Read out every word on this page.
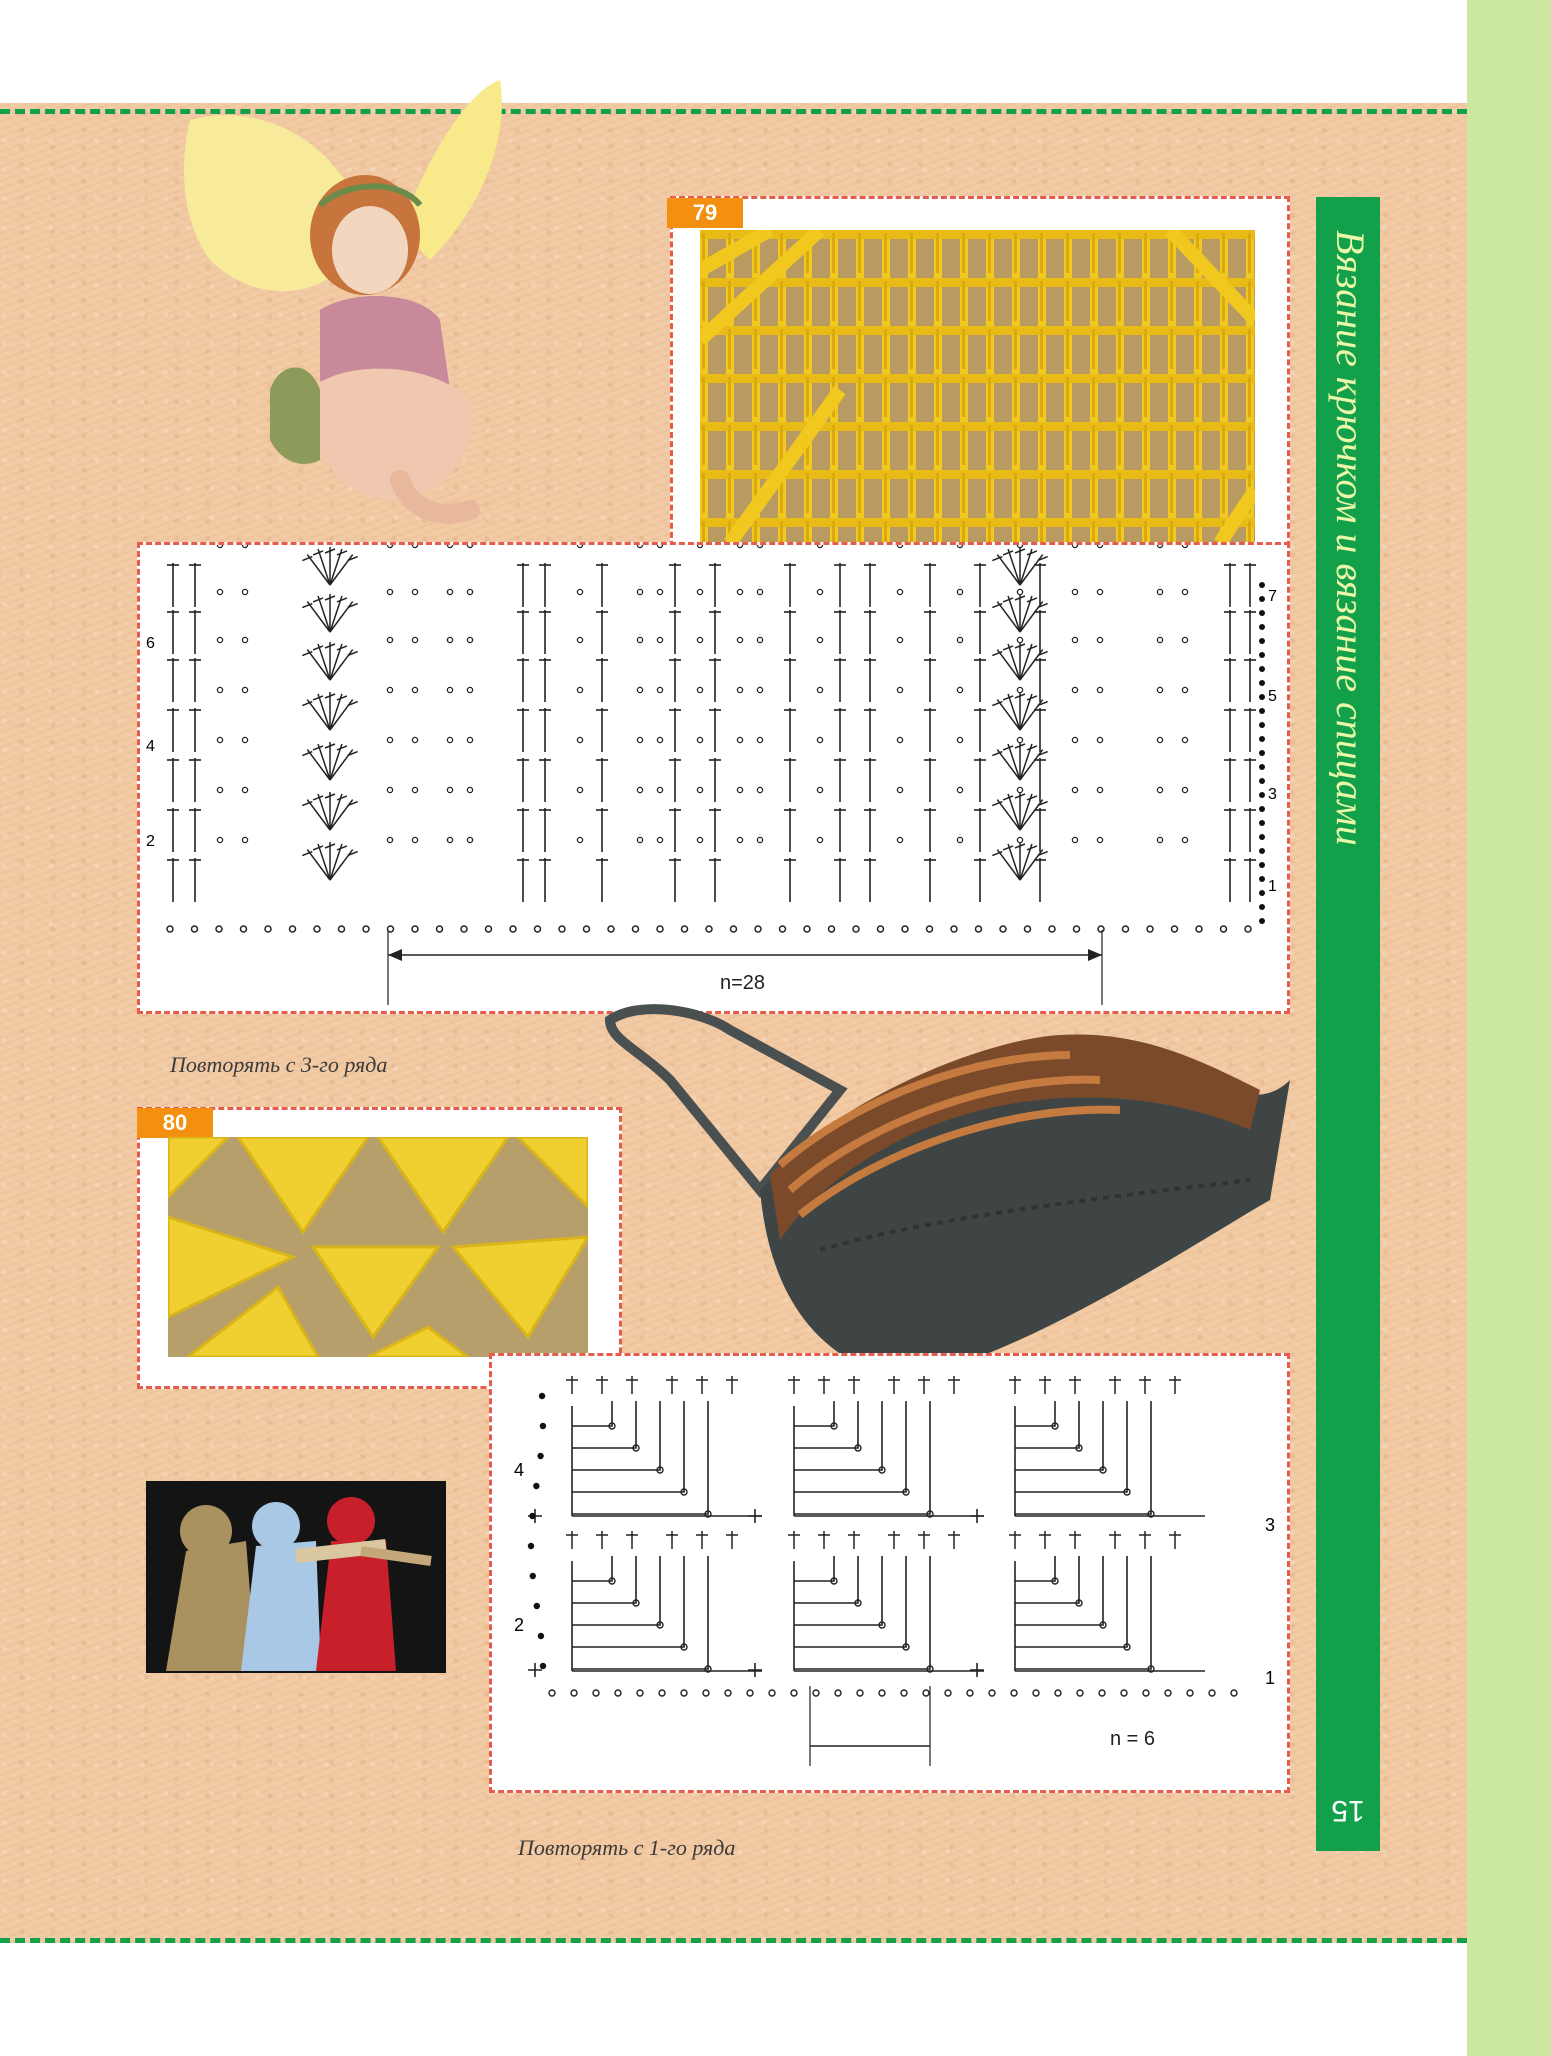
Вязание крючком и вязание спицами
15
79
6
4
2
7
5
3
1
n=28
Повторять с 3-го ряда
80
4
2
3
1
n = 6
Повторять с 1-го ряда
